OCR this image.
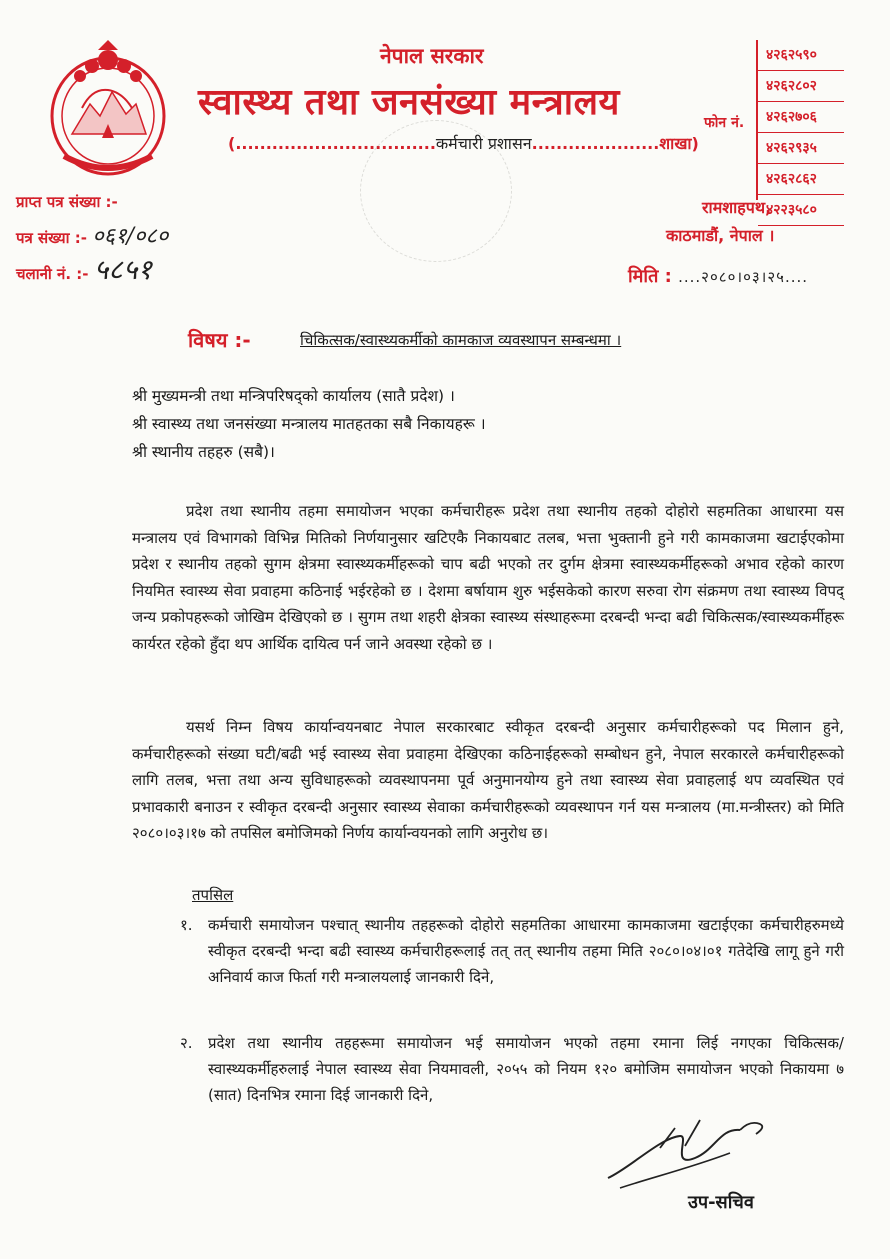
नेपाल सरकार
स्वास्थ्य तथा जनसंख्या मन्त्रालय
(.................................कर्मचारी प्रशासन.....................शाखा)
फोन नं.
४२६२५९०
४२६२८०२
४२६२७०६
४२६२९३५
४२६२८६२
४२२३५८०
प्राप्त पत्र संख्या :-
पत्र संख्या :- ०६१/०८०
चलानी नं. :- ५८५१
रामशाहपथ,
काठमाडौं, नेपाल ।
मिति : ....२०८०।०३।२५....
विषय :-	चिकित्सक/स्वास्थ्यकर्मीको कामकाज व्यवस्थापन सम्बन्धमा ।
श्री मुख्यमन्त्री तथा मन्त्रिपरिषद्‌को कार्यालय (सातै प्रदेश) ।
श्री स्वास्थ्य तथा जनसंख्या मन्त्रालय मातहतका सबै निकायहरू ।
श्री स्थानीय तहहरु (सबै)।

प्रदेश तथा स्थानीय तहमा समायोजन भएका कर्मचारीहरू प्रदेश तथा स्थानीय तहको दोहोरो सहमतिका आधारमा यस मन्त्रालय एवं विभागको विभिन्न मितिको निर्णयानुसार खटिएकै निकायबाट तलब, भत्ता भुक्तानी हुने गरी कामकाजमा खटाईएकोमा प्रदेश र स्थानीय तहको सुगम क्षेत्रमा स्वास्थ्यकर्मीहरूको चाप बढी भएको तर दुर्गम क्षेत्रमा स्वास्थ्यकर्मीहरूको अभाव रहेको कारण नियमित स्वास्थ्य सेवा प्रवाहमा कठिनाई भईरहेको छ । देशमा बर्षायाम शुरु भईसकेको कारण सरुवा रोग संक्रमण तथा स्वास्थ्य विपद् जन्य प्रकोपहरूको जोखिम देखिएको छ । सुगम तथा शहरी क्षेत्रका स्वास्थ्य संस्थाहरूमा दरबन्दी भन्दा बढी चिकित्सक/स्वास्थ्यकर्मीहरू कार्यरत रहेको हुँदा थप आर्थिक दायित्व पर्न जाने अवस्था रहेको छ ।

यसर्थ निम्न विषय कार्यान्वयनबाट नेपाल सरकारबाट स्वीकृत दरबन्दी अनुसार कर्मचारीहरूको पद मिलान हुने, कर्मचारीहरूको संख्या घटी/बढी भई स्वास्थ्य सेवा प्रवाहमा देखिएका कठिनाईहरूको सम्बोधन हुने, नेपाल सरकारले कर्मचारीहरूको लागि तलब, भत्ता तथा अन्य सुविधाहरूको व्यवस्थापनमा पूर्व अनुमानयोग्य हुने तथा स्वास्थ्य सेवा प्रवाहलाई थप व्यवस्थित एवं प्रभावकारी बनाउन र स्वीकृत दरबन्दी अनुसार स्वास्थ्य सेवाका कर्मचारीहरूको व्यवस्थापन गर्न यस मन्त्रालय (मा.मन्त्रीस्तर) को मिति २०८०।०३।१७ को तपसिल बमोजिमको निर्णय कार्यान्वयनको लागि अनुरोध छ।

तपसिल
१.	कर्मचारी समायोजन पश्चात् स्थानीय तहहरूको दोहोरो सहमतिका आधारमा कामकाजमा खटाईएका कर्मचारीहरुमध्ये स्वीकृत दरबन्दी भन्दा बढी स्वास्थ्य कर्मचारीहरूलाई तत् तत् स्थानीय तहमा मिति २०८०।०४।०१ गतेदेखि लागू हुने गरी अनिवार्य काज फिर्ता गरी मन्त्रालयलाई जानकारी दिने,
२.	प्रदेश तथा स्थानीय तहहरूमा समायोजन भई समायोजन भएको तहमा रमाना लिई नगएका चिकित्सक/स्वास्थ्यकर्मीहरुलाई नेपाल स्वास्थ्य सेवा नियमावली, २०५५ को नियम १२० बमोजिम समायोजन भएको निकायमा ७ (सात) दिनभित्र रमाना दिई जानकारी दिने,
उप-सचिव
